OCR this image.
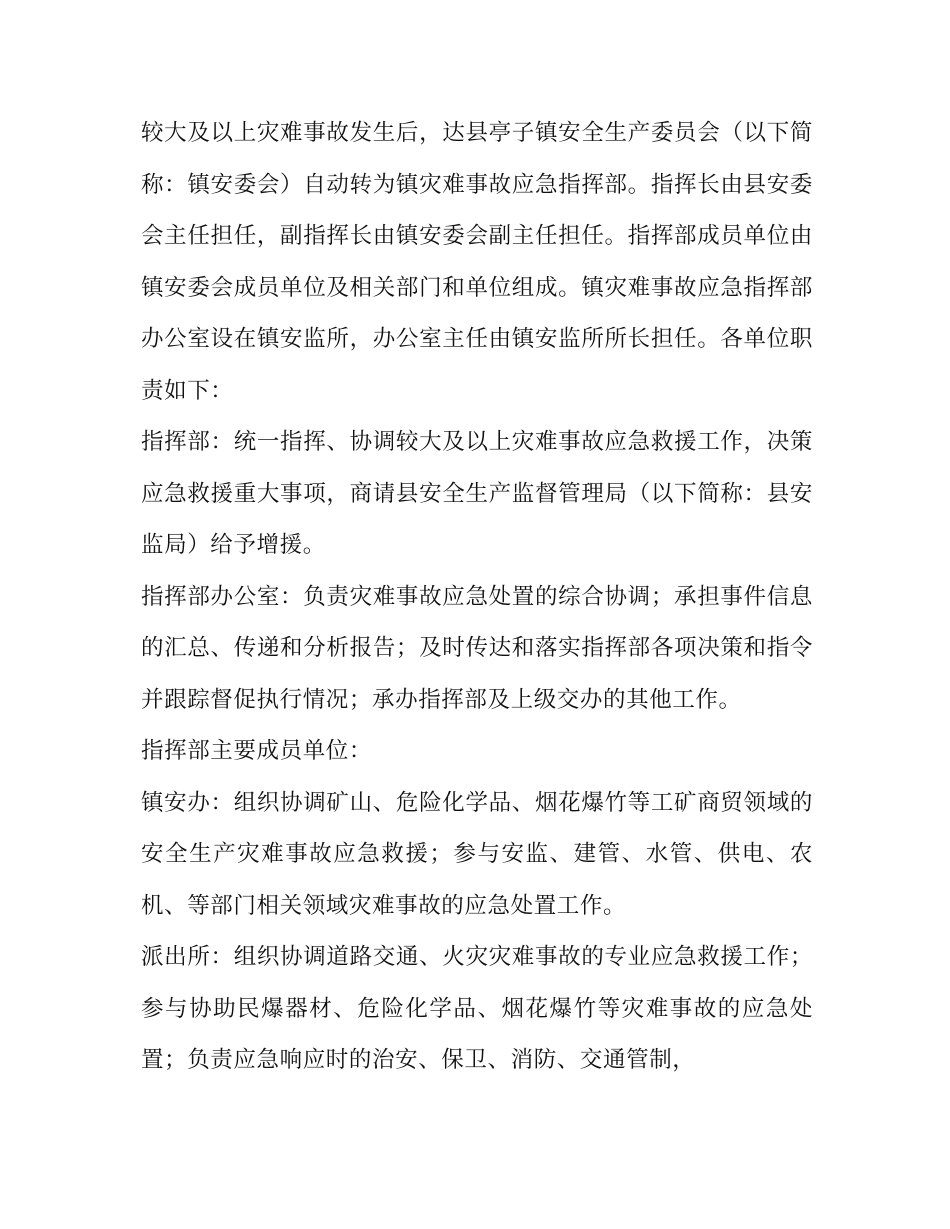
较大及以上灾难事故发生后，达县亭子镇安全生产委员会（以下简称：镇安委会）自动转为镇灾难事故应急指挥部。指挥长由县安委会主任担任，副指挥长由镇安委会副主任担任。指挥部成员单位由镇安委会成员单位及相关部门和单位组成。镇灾难事故应急指挥部办公室设在镇安监所，办公室主任由镇安监所所长担任。各单位职责如下：

指挥部：统一指挥、协调较大及以上灾难事故应急救援工作，决策应急救援重大事项，商请县安全生产监督管理局（以下简称：县安监局）给予增援。

指挥部办公室：负责灾难事故应急处置的综合协调；承担事件信息的汇总、传递和分析报告；及时传达和落实指挥部各项决策和指令并跟踪督促执行情况；承办指挥部及上级交办的其他工作。

指挥部主要成员单位：

镇安办：组织协调矿山、危险化学品、烟花爆竹等工矿商贸领域的安全生产灾难事故应急救援；参与安监、建管、水管、供电、农机、等部门相关领域灾难事故的应急处置工作。

派出所：组织协调道路交通、火灾灾难事故的专业应急救援工作；参与协助民爆器材、危险化学品、烟花爆竹等灾难事故的应急处置；负责应急响应时的治安、保卫、消防、交通管制，
